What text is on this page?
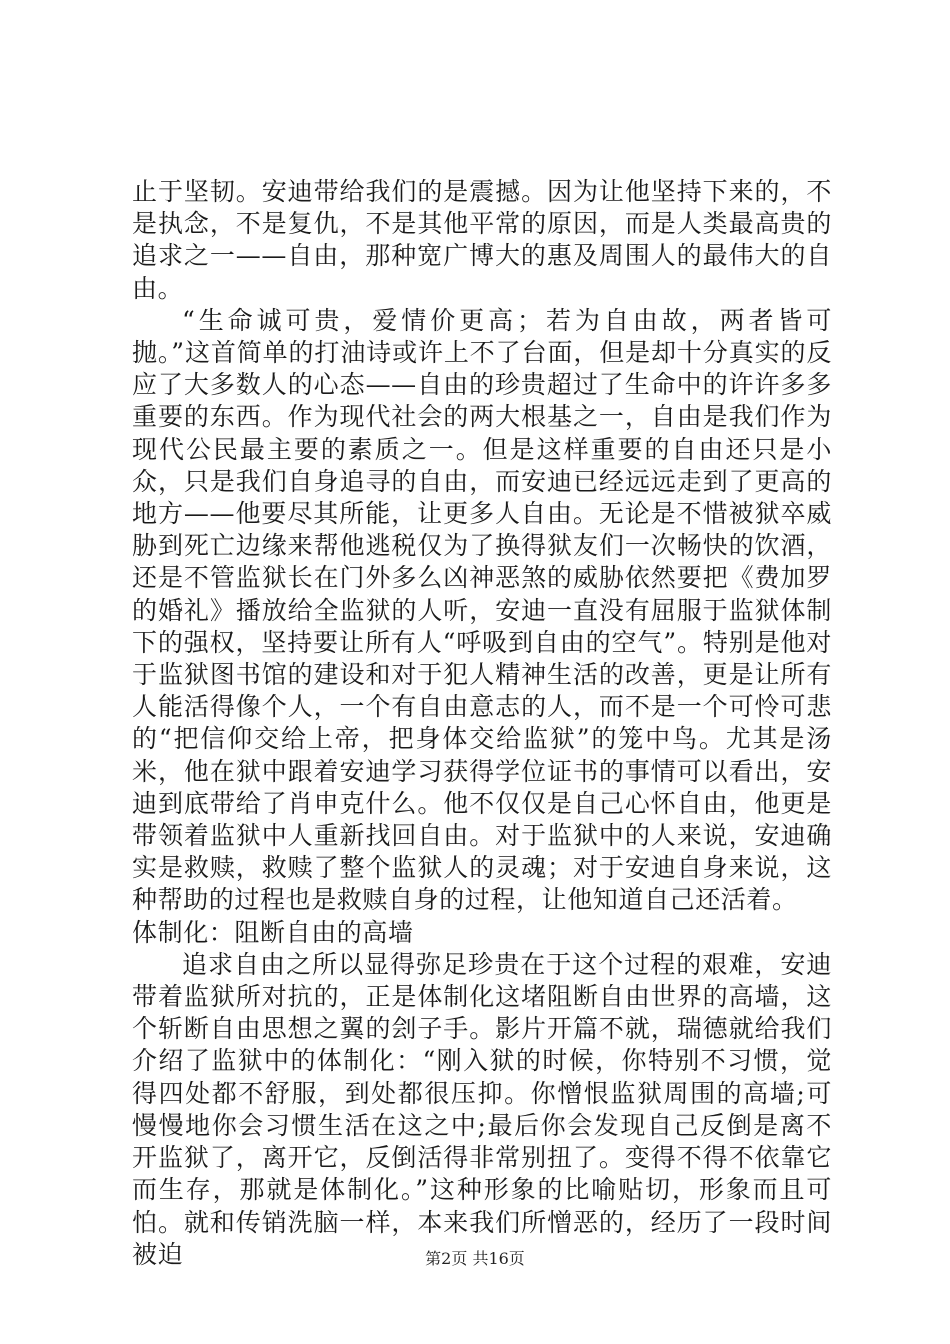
止于坚韧。安迪带给我们的是震撼。因为让他坚持下来的，不是执念，不是复仇，不是其他平常的原因，而是人类最高贵的追求之一——自由，那种宽广博大的惠及周围人的最伟大的自由。

“生命诚可贵，爱情价更高；若为自由故，两者皆可抛。”这首简单的打油诗或许上不了台面，但是却十分真实的反应了大多数人的心态——自由的珍贵超过了生命中的许许多多重要的东西。作为现代社会的两大根基之一，自由是我们作为现代公民最主要的素质之一。但是这样重要的自由还只是小众，只是我们自身追寻的自由，而安迪已经远远走到了更高的地方——他要尽其所能，让更多人自由。无论是不惜被狱卒威胁到死亡边缘来帮他逃税仅为了换得狱友们一次畅快的饮酒，还是不管监狱长在门外多么凶神恶煞的威胁依然要把《费加罗的婚礼》播放给全监狱的人听，安迪一直没有屈服于监狱体制下的强权，坚持要让所有人“呼吸到自由的空气”。特别是他对于监狱图书馆的建设和对于犯人精神生活的改善，更是让所有人能活得像个人，一个有自由意志的人，而不是一个可怜可悲的“把信仰交给上帝，把身体交给监狱”的笼中鸟。尤其是汤米，他在狱中跟着安迪学习获得学位证书的事情可以看出，安迪到底带给了肖申克什么。他不仅仅是自己心怀自由，他更是带领着监狱中人重新找回自由。对于监狱中的人来说，安迪确实是救赎，救赎了整个监狱人的灵魂；对于安迪自身来说，这种帮助的过程也是救赎自身的过程，让他知道自己还活着。

体制化：阻断自由的高墙

追求自由之所以显得弥足珍贵在于这个过程的艰难，安迪带着监狱所对抗的，正是体制化这堵阻断自由世界的高墙，这个斩断自由思想之翼的刽子手。影片开篇不就，瑞德就给我们介绍了监狱中的体制化：“刚入狱的时候，你特别不习惯，觉得四处都不舒服，到处都很压抑。你憎恨监狱周围的高墙;可慢慢地你会习惯生活在这之中;最后你会发现自己反倒是离不开监狱了，离开它，反倒活得非常别扭了。变得不得不依靠它而生存，那就是体制化。”这种形象的比喻贴切，形象而且可怕。就和传销洗脑一样，本来我们所憎恶的，经历了一段时间被迫	第2页 共16页
